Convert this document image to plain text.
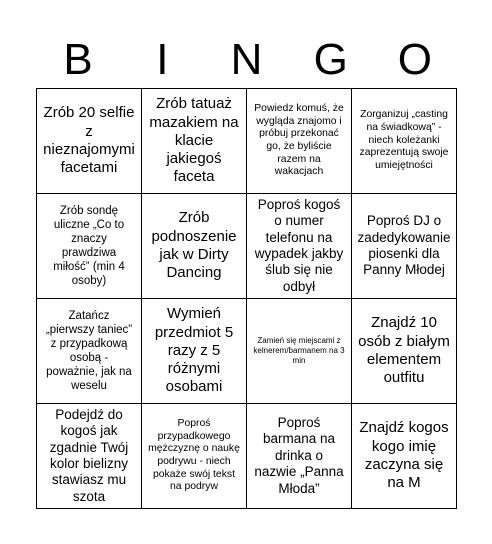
B	I	N	G	O
Zrób 20 selfie z nieznajomymi facetami
Zrób tatuaż mazakiem na klacie jakiegoś faceta
Powiedz komuś, że wygląda znajomo i próbuj przekonać go, że byliście razem na wakacjach
Zorganizuj „casting na świadkową” - niech koleżanki zaprezentują swoje umiejętności
Zrób sondę uliczne „Co to znaczy prawdziwa miłość” (min 4 osoby)
Zrób podnoszenie jak w Dirty Dancing
Poproś kogoś o numer telefonu na wypadek jakby ślub się nie odbył
Poproś DJ o zadedykowanie piosenki dla Panny Młodej
Zatańcz „pierwszy taniec” z przypadkową osobą - poważnie, jak na weselu
Wymień przedmiot 5 razy z 5 różnymi osobami
Zamień się miejscami z kelnerem/barmanem na 3 min
Znajdź 10 osób z białym elementem outfitu
Podejdź do kogoś jak zgadnie Twój kolor bielizny stawiasz mu szota
Poproś przypadkowego mężczyznę o naukę podrywu - niech pokaże swój tekst na podryw
Poproś barmana na drinka o nazwie „Panna Młoda”
Znajdź kogos kogo imię zaczyna się na M
